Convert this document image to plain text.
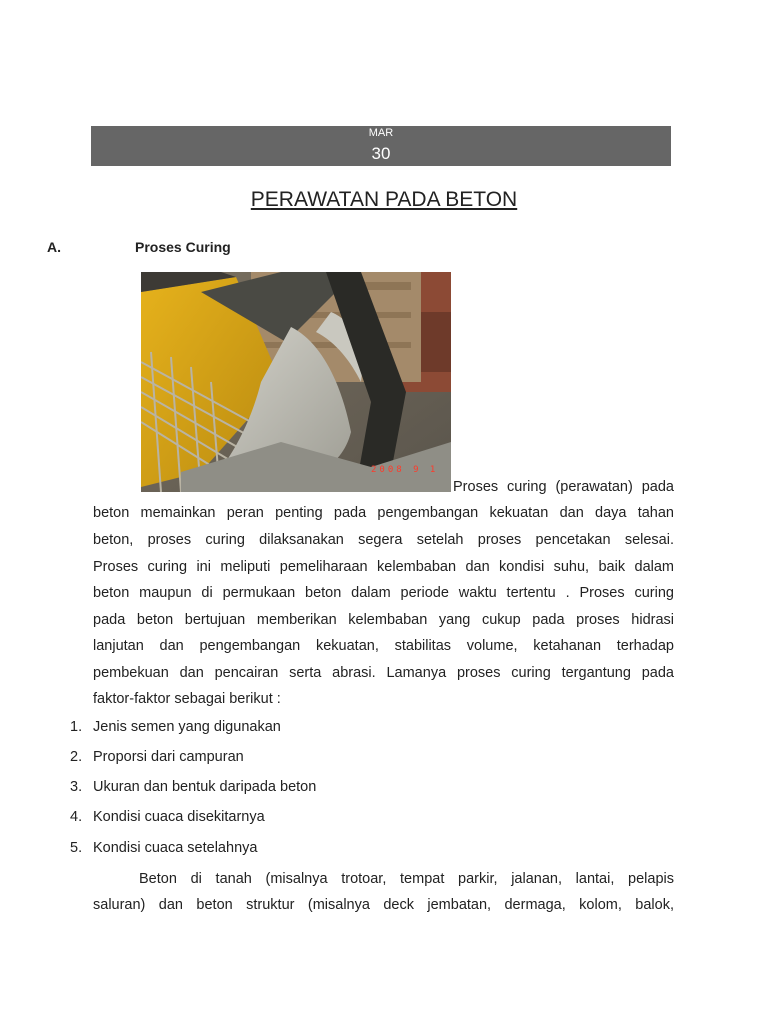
MAR
30
PERAWATAN PADA BETON
A.	Proses Curing
2008 9 1
Proses curing (perawatan) pada
beton memainkan peran penting pada pengembangan kekuatan dan daya tahan
beton, proses curing dilaksanakan segera setelah proses pencetakan selesai.
Proses curing ini meliputi pemeliharaan kelembaban dan kondisi suhu, baik dalam
beton maupun di permukaan beton dalam periode waktu tertentu . Proses curing
pada beton bertujuan memberikan kelembaban yang cukup pada proses hidrasi
lanjutan dan pengembangan kekuatan, stabilitas volume, ketahanan terhadap
pembekuan dan pencairan serta abrasi. Lamanya proses curing tergantung pada
faktor-faktor sebagai berikut :
1. Jenis semen yang digunakan
2. Proporsi dari campuran
3. Ukuran dan bentuk daripada beton
4. Kondisi cuaca disekitarnya
5. Kondisi cuaca setelahnya
Beton di tanah (misalnya trotoar, tempat parkir, jalanan, lantai, pelapis
saluran) dan beton struktur (misalnya deck jembatan, dermaga, kolom, balok,
